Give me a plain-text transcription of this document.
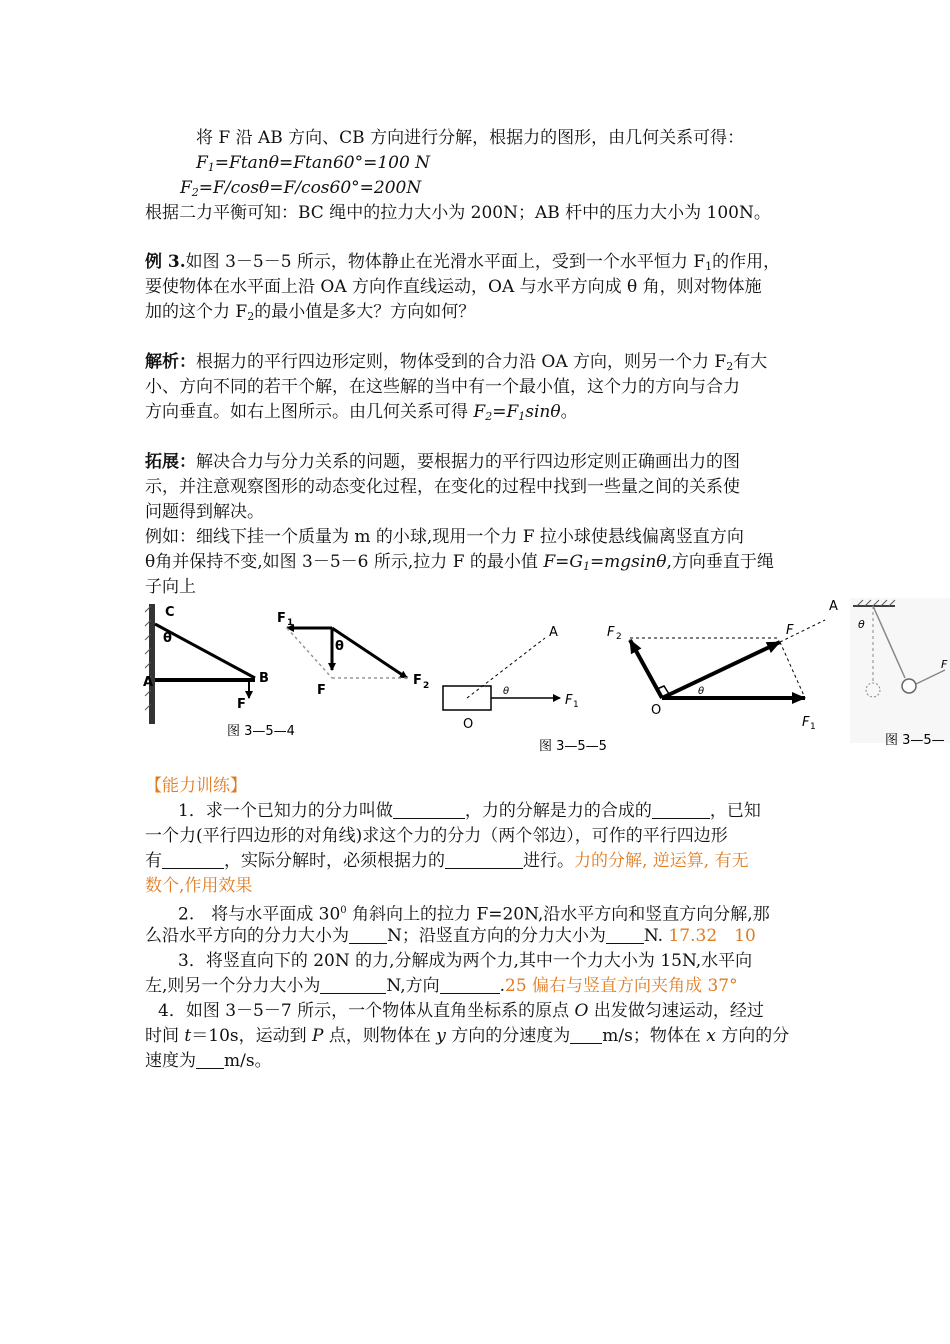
将 F 沿 AB 方向、CB 方向进行分解，根据力的图形，由几何关系可得：
$F_1=Ftan\theta=Ftan60^\circ=100$ N
$F_2=F/\cos\theta=F/\cos 60^\circ=200N$
根据二力平衡可知：BC 绳中的拉力大小为 200N；AB 杆中的压力大小为 100N。
例 3.如图 3－5－5 所示，物体静止在光滑水平面上，受到一个水平恒力 $F_1$的作用，
要使物体在水平面上沿 OA 方向作直线运动，OA 与水平方向成 θ 角，则对物体施
加的这个力 $F_2$的最小值是多大？方向如何？
解析：根据力的平行四边形定则，物体受到的合力沿 OA 方向，则另一个力 $F_2$有大
小、方向不同的若干个解，在这些解的当中有一个最小值，这个力的方向与合力
方向垂直。如右上图所示。由几何关系可得 $F_2=F_1\sin\theta$。
拓展：解决合力与分力关系的问题，要根据力的平行四边形定则正确画出力的图
示，并注意观察图形的动态变化过程，在变化的过程中找到一些量之间的关系使
问题得到解决。
例如：细线下挂一个质量为 m 的小球,现用一个力 F 拉小球使悬线偏离竖直方向
θ角并保持不变,如图 3－5－6 所示,拉力 F 的最小值 $F=G_1=mgsin\theta$,方向垂直于绳
子向上
C
θ
A	B
F
图 3—5—4
F 1
θ
F
F 2
A
θ
F 1
O
F 2	F
θ
O
F 1
图 3—5—5
A
θ
F
图 3—5—
【能力训练】
1．求一个已知力的分力叫做	，力的分解是力的合成的	，已知
一个力(平行四边形的对角线)求这个力的分力（两个邻边），可作的平行四边形
有	，实际分解时，必须根据力的	进行。力的分解, 逆运算, 有无
数个,作用效果
2.　将与水平面成 $30^0$ 角斜向上的拉力 F=20N,沿水平方向和竖直方向分解,那
么沿水平方向的分力大小为 N；沿竖直方向的分力大小为 N. 17.32　10
3．将竖直向下的 20N 的力,分解成为两个力,其中一个力大小为 15N,水平向
左,则另一个分力大小为	N,方向	.25 偏右与竖直方向夹角成 37°
4．如图 3－5－7 所示，一个物体从直角坐标系的原点 O 出发做匀速运动，经过
时间 t＝10s，运动到 P 点，则物体在 y 方向的分速度为 m/s；物体在 x 方向的分
速度为 m/s。
